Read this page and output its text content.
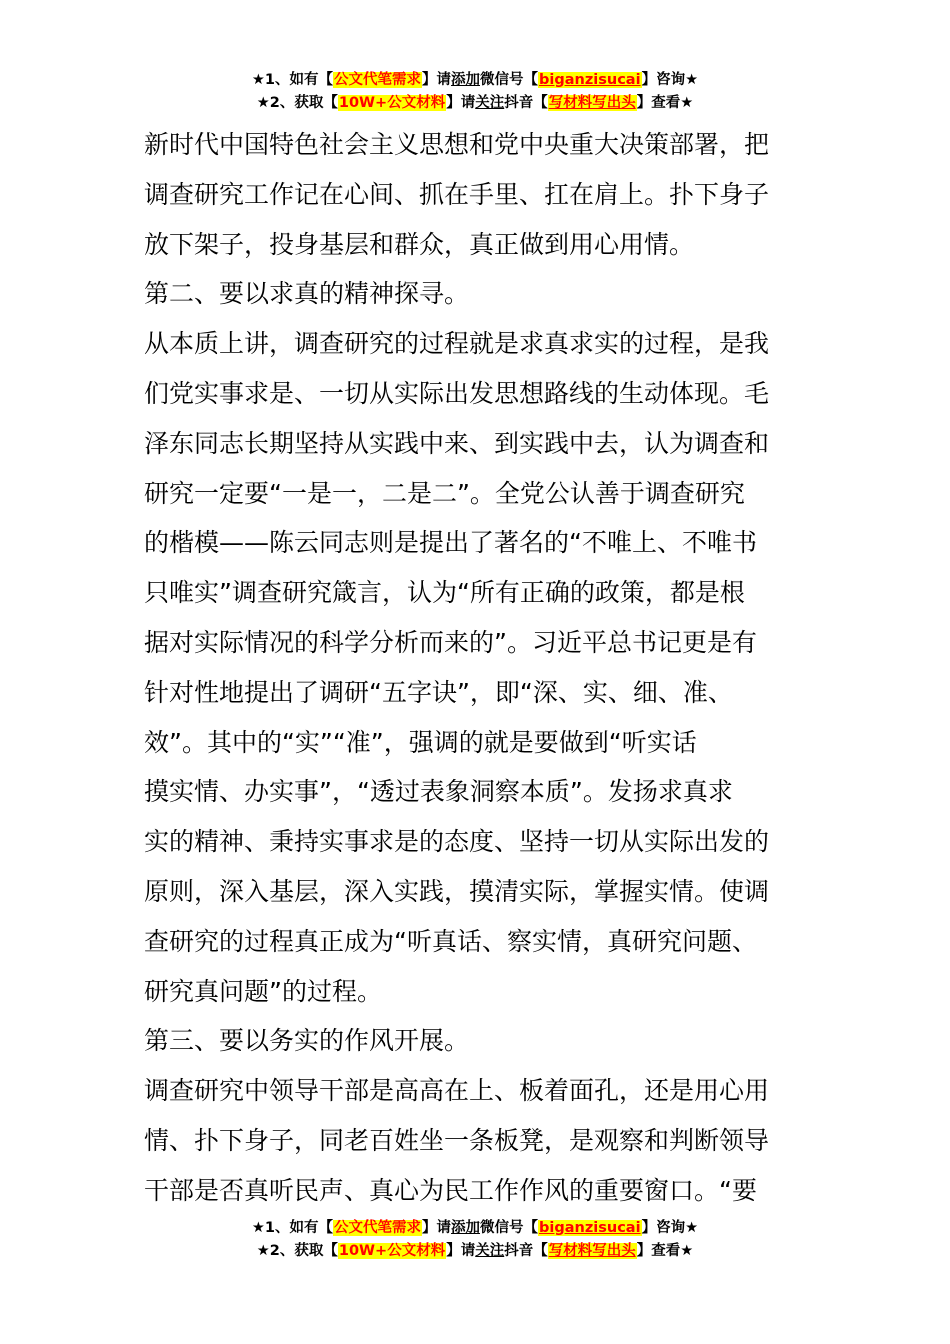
★1、如有【公文代笔需求】请添加微信号【biganzisucai】咨询★
★2、获取【10W+公文材料】请关注抖音【写材料写出头】查看★
新时代中国特色社会主义思想和党中央重大决策部署，把
调查研究工作记在心间、抓在手里、扛在肩上。扑下身子
放下架子，投身基层和群众，真正做到用心用情。
第二、要以求真的精神探寻。
从本质上讲，调查研究的过程就是求真求实的过程，是我
们党实事求是、一切从实际出发思想路线的生动体现。毛
泽东同志长期坚持从实践中来、到实践中去，认为调查和
研究一定要“一是一，二是二”。全党公认善于调查研究
的楷模——陈云同志则是提出了著名的“不唯上、不唯书
只唯实”调查研究箴言，认为“所有正确的政策，都是根
据对实际情况的科学分析而来的”。习近平总书记更是有
针对性地提出了调研“五字诀”，即“深、实、细、准、
效”。其中的“实”“准”，强调的就是要做到“听实话
摸实情、办实事”，“透过表象洞察本质”。发扬求真求
实的精神、秉持实事求是的态度、坚持一切从实际出发的
原则，深入基层，深入实践，摸清实际，掌握实情。使调
查研究的过程真正成为“听真话、察实情，真研究问题、
研究真问题”的过程。
第三、要以务实的作风开展。
调查研究中领导干部是高高在上、板着面孔，还是用心用
情、扑下身子，同老百姓坐一条板凳，是观察和判断领导
干部是否真听民声、真心为民工作作风的重要窗口。“要
★1、如有【公文代笔需求】请添加微信号【biganzisucai】咨询★
★2、获取【10W+公文材料】请关注抖音【写材料写出头】查看★
